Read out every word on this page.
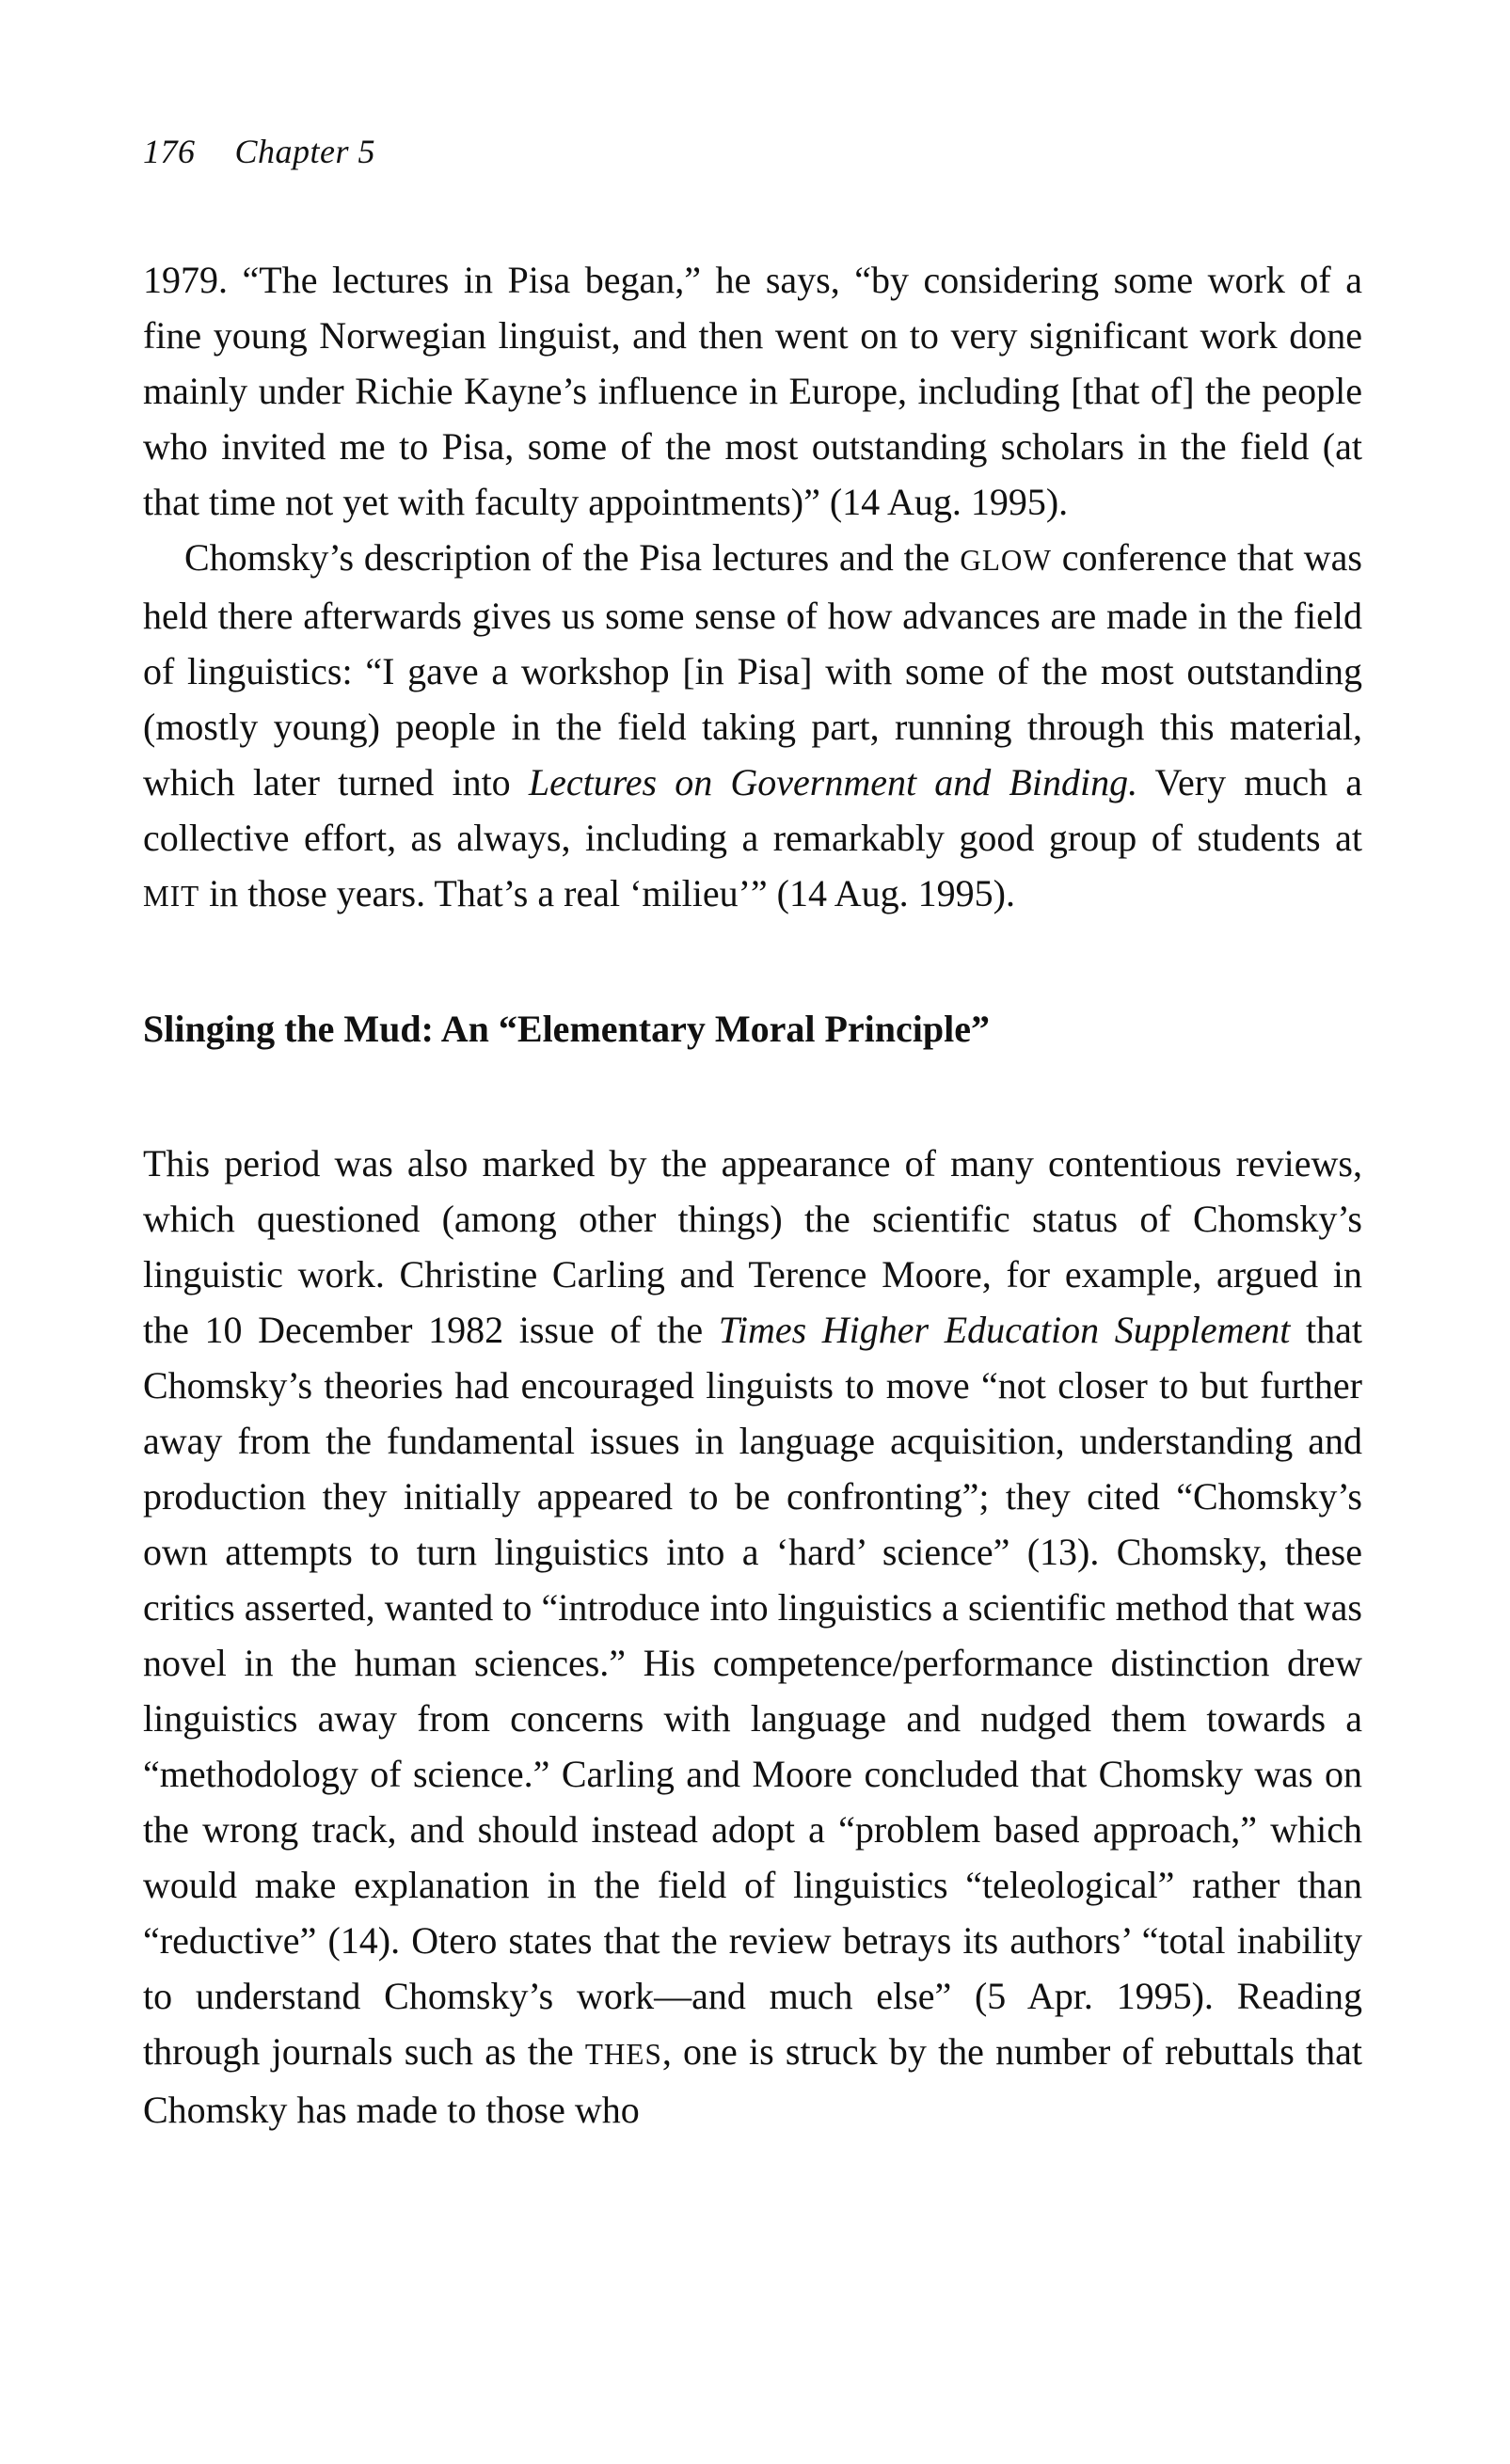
176 Chapter 5

1979. “The lectures in Pisa began,” he says, “by considering some work of a fine young Norwegian linguist, and then went on to very significant work done mainly under Richie Kayne’s influence in Europe, including [that of] the people who invited me to Pisa, some of the most outstanding scholars in the field (at that time not yet with faculty appointments)” (14 Aug. 1995).

Chomsky’s description of the Pisa lectures and the GLOW conference that was held there afterwards gives us some sense of how advances are made in the field of linguistics: “I gave a workshop [in Pisa] with some of the most outstanding (mostly young) people in the field taking part, running through this material, which later turned into Lectures on Government and Binding. Very much a collective effort, as always, including a remarkably good group of students at MIT in those years. That’s a real ‘milieu’” (14 Aug. 1995).

Slinging the Mud: An “Elementary Moral Principle”

This period was also marked by the appearance of many contentious reviews, which questioned (among other things) the scientific status of Chomsky’s linguistic work. Christine Carling and Terence Moore, for example, argued in the 10 December 1982 issue of the Times Higher Education Supplement that Chomsky’s theories had encouraged linguists to move “not closer to but further away from the fundamental issues in language acquisition, understanding and production they initially appeared to be confronting”; they cited “Chomsky’s own attempts to turn linguistics into a ‘hard’ science” (13). Chomsky, these critics asserted, wanted to “introduce into linguistics a scientific method that was novel in the human sciences.” His competence/performance distinction drew linguistics away from concerns with language and nudged them towards a “methodology of science.” Carling and Moore concluded that Chomsky was on the wrong track, and should instead adopt a “problem based approach,” which would make explanation in the field of linguistics “teleological” rather than “reductive” (14). Otero states that the review betrays its authors’ “total inability to understand Chomsky’s work—and much else” (5 Apr. 1995). Reading through journals such as the THES, one is struck by the number of rebuttals that Chomsky has made to those who
